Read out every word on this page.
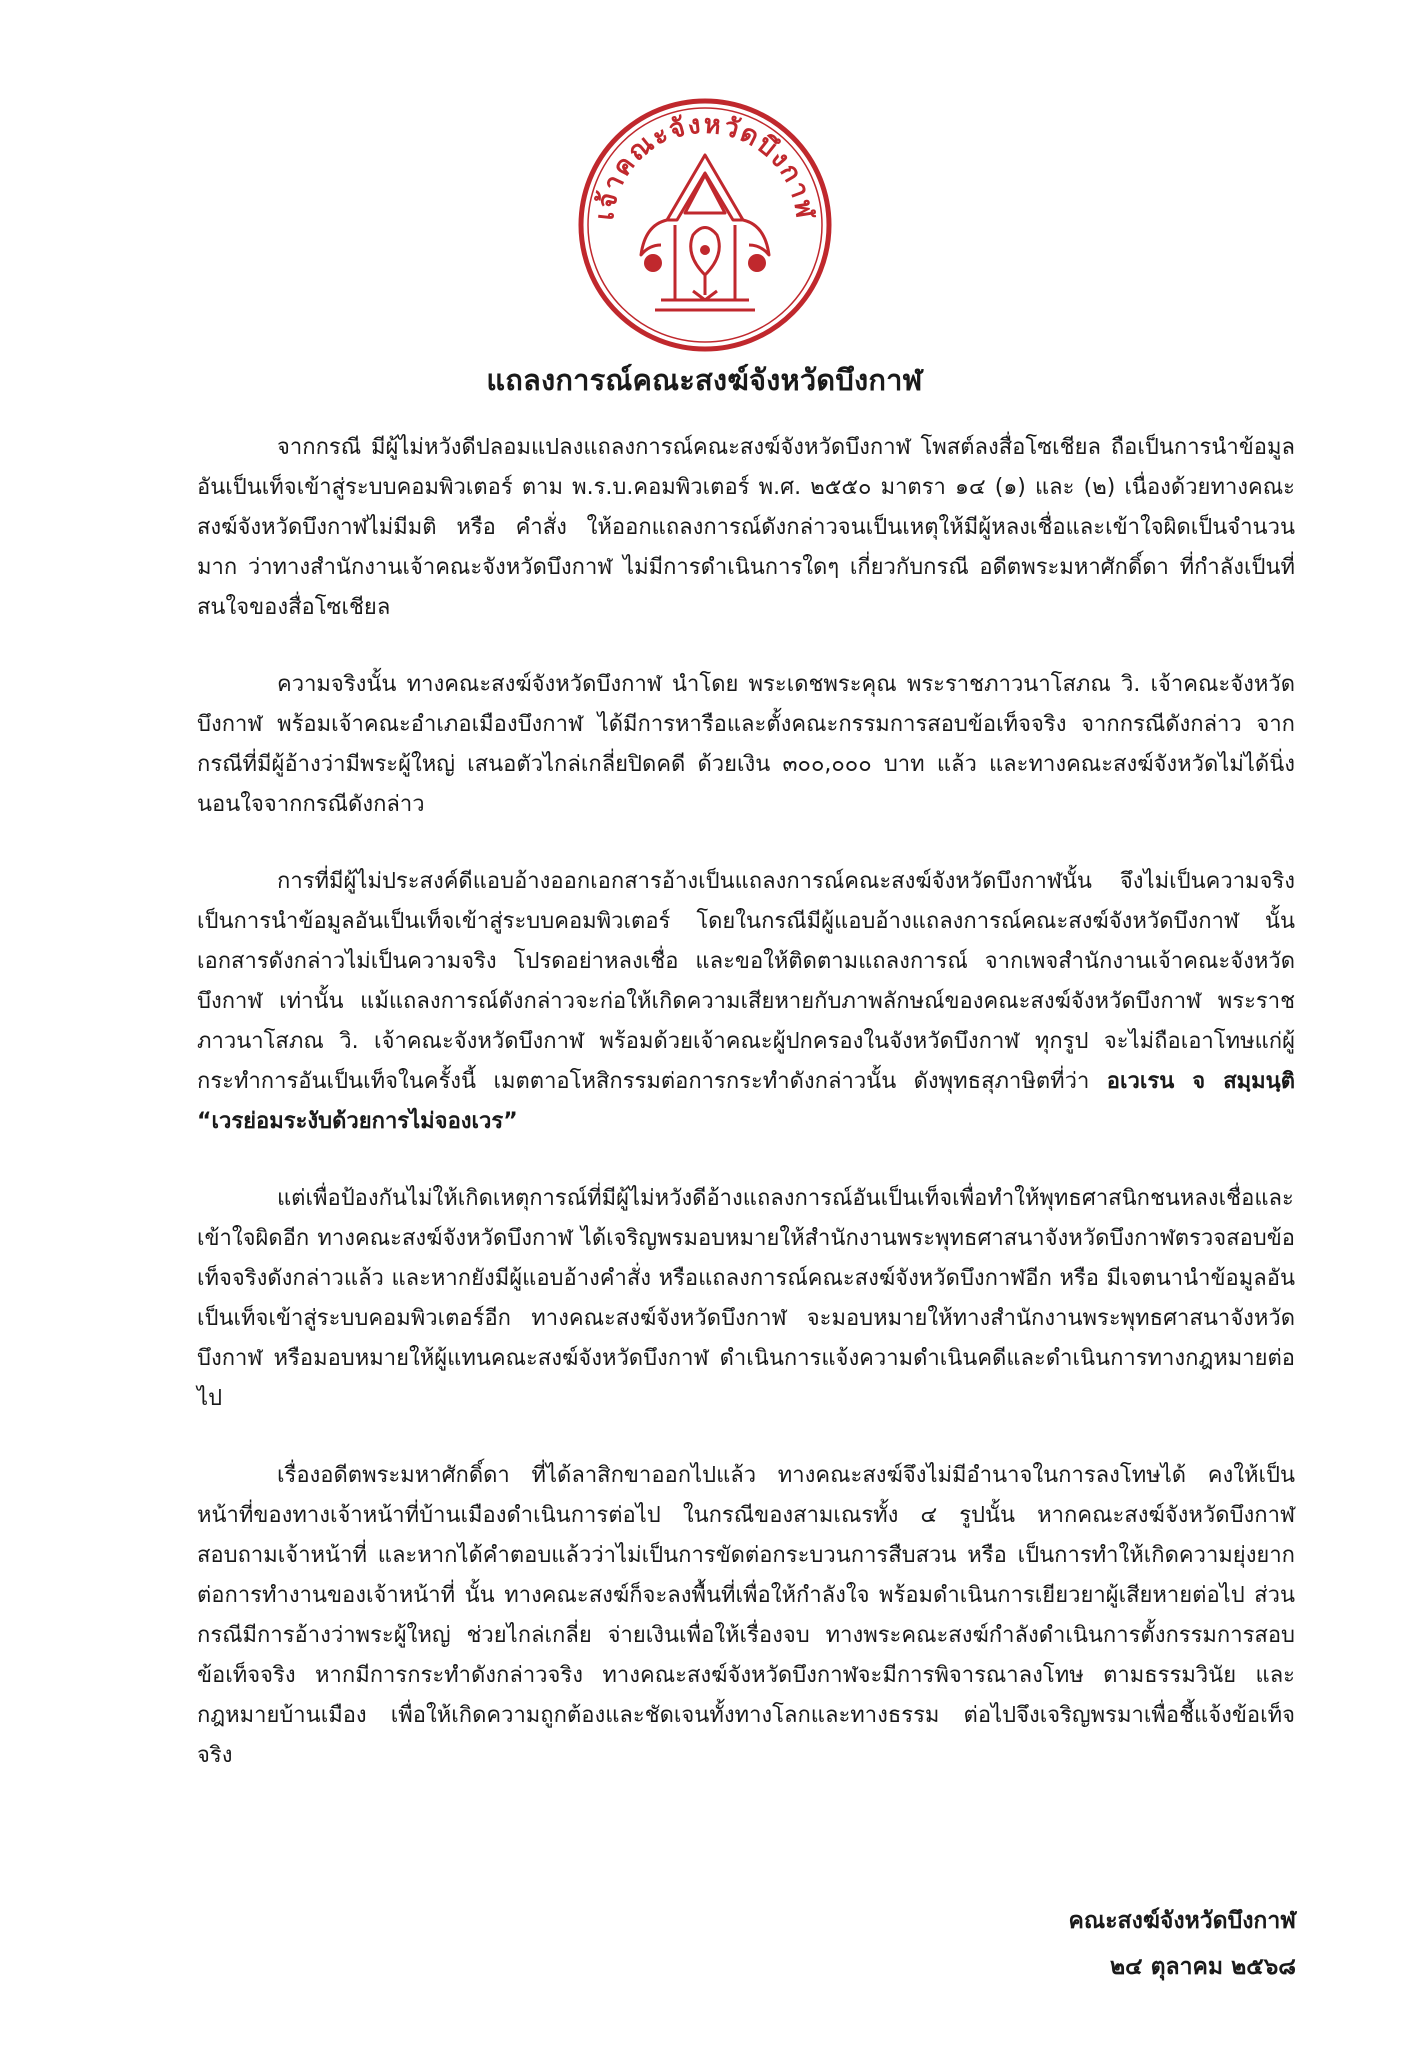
เจ้าคณะจังหวัดบึงกาฬ
แถลงการณ์คณะสงฆ์จังหวัดบึงกาฬ

จากกรณี มีผู้ไม่หวังดีปลอมแปลงแถลงการณ์คณะสงฆ์จังหวัดบึงกาฬ โพสต์ลงสื่อโซเชียล ถือเป็นการนำข้อมูลอันเป็นเท็จเข้าสู่ระบบคอมพิวเตอร์ ตาม พ.ร.บ.คอมพิวเตอร์ พ.ศ. ๒๕๕๐ มาตรา ๑๔ (๑) และ (๒) เนื่องด้วยทางคณะสงฆ์จังหวัดบึงกาฬไม่มีมติ หรือ คำสั่ง ให้ออกแถลงการณ์ดังกล่าวจนเป็นเหตุให้มีผู้หลงเชื่อและเข้าใจผิดเป็นจำนวนมาก ว่าทางสำนักงานเจ้าคณะจังหวัดบึงกาฬ ไม่มีการดำเนินการใดๆ เกี่ยวกับกรณี อดีตพระมหาศักดิ์ดา ที่กำลังเป็นที่สนใจของสื่อโซเชียล

ความจริงนั้น ทางคณะสงฆ์จังหวัดบึงกาฬ นำโดย พระเดชพระคุณ พระราชภาวนาโสภณ วิ. เจ้าคณะจังหวัดบึงกาฬ พร้อมเจ้าคณะอำเภอเมืองบึงกาฬ ได้มีการหารือและตั้งคณะกรรมการสอบข้อเท็จจริง จากกรณีดังกล่าว จากกรณีที่มีผู้อ้างว่ามีพระผู้ใหญ่ เสนอตัวไกล่เกลี่ยปิดคดี ด้วยเงิน ๓๐๐,๐๐๐ บาท แล้ว และทางคณะสงฆ์จังหวัดไม่ได้นิ่งนอนใจจากกรณีดังกล่าว

การที่มีผู้ไม่ประสงค์ดีแอบอ้างออกเอกสารอ้างเป็นแถลงการณ์คณะสงฆ์จังหวัดบึงกาฬนั้น จึงไม่เป็นความจริง เป็นการนำข้อมูลอันเป็นเท็จเข้าสู่ระบบคอมพิวเตอร์ โดยในกรณีมีผู้แอบอ้างแถลงการณ์คณะสงฆ์จังหวัดบึงกาฬ นั้น เอกสารดังกล่าวไม่เป็นความจริง โปรดอย่าหลงเชื่อ และขอให้ติดตามแถลงการณ์ จากเพจสำนักงานเจ้าคณะจังหวัดบึงกาฬ เท่านั้น แม้แถลงการณ์ดังกล่าวจะก่อให้เกิดความเสียหายกับภาพลักษณ์ของคณะสงฆ์จังหวัดบึงกาฬ พระราชภาวนาโสภณ วิ. เจ้าคณะจังหวัดบึงกาฬ พร้อมด้วยเจ้าคณะผู้ปกครองในจังหวัดบึงกาฬ ทุกรูป จะไม่ถือเอาโทษแก่ผู้กระทำการอันเป็นเท็จในครั้งนี้ เมตตาอโหสิกรรมต่อการกระทำดังกล่าวนั้น ดังพุทธสุภาษิตที่ว่า อเวเรน จ สมฺมนฺติ “เวรย่อมระงับด้วยการไม่จองเวร”

แต่เพื่อป้องกันไม่ให้เกิดเหตุการณ์ที่มีผู้ไม่หวังดีอ้างแถลงการณ์อันเป็นเท็จเพื่อทำให้พุทธศาสนิกชนหลงเชื่อและเข้าใจผิดอีก ทางคณะสงฆ์จังหวัดบึงกาฬ ได้เจริญพรมอบหมายให้สำนักงานพระพุทธศาสนาจังหวัดบึงกาฬตรวจสอบข้อเท็จจริงดังกล่าวแล้ว และหากยังมีผู้แอบอ้างคำสั่ง หรือแถลงการณ์คณะสงฆ์จังหวัดบึงกาฬอีก หรือ มีเจตนานำข้อมูลอันเป็นเท็จเข้าสู่ระบบคอมพิวเตอร์อีก ทางคณะสงฆ์จังหวัดบึงกาฬ จะมอบหมายให้ทางสำนักงานพระพุทธศาสนาจังหวัดบึงกาฬ หรือมอบหมายให้ผู้แทนคณะสงฆ์จังหวัดบึงกาฬ ดำเนินการแจ้งความดำเนินคดีและดำเนินการทางกฎหมายต่อไป

เรื่องอดีตพระมหาศักดิ์ดา ที่ได้ลาสิกขาออกไปแล้ว ทางคณะสงฆ์จึงไม่มีอำนาจในการลงโทษได้ คงให้เป็นหน้าที่ของทางเจ้าหน้าที่บ้านเมืองดำเนินการต่อไป ในกรณีของสามเณรทั้ง ๔ รูปนั้น หากคณะสงฆ์จังหวัดบึงกาฬ สอบถามเจ้าหน้าที่ และหากได้คำตอบแล้วว่าไม่เป็นการขัดต่อกระบวนการสืบสวน หรือ เป็นการทำให้เกิดความยุ่งยากต่อการทำงานของเจ้าหน้าที่ นั้น ทางคณะสงฆ์ก็จะลงพื้นที่เพื่อให้กำลังใจ พร้อมดำเนินการเยียวยาผู้เสียหายต่อไป ส่วนกรณีมีการอ้างว่าพระผู้ใหญ่ ช่วยไกล่เกลี่ย จ่ายเงินเพื่อให้เรื่องจบ ทางพระคณะสงฆ์กำลังดำเนินการตั้งกรรมการสอบข้อเท็จจริง หากมีการกระทำดังกล่าวจริง ทางคณะสงฆ์จังหวัดบึงกาฬจะมีการพิจารณาลงโทษ ตามธรรมวินัย และ กฎหมายบ้านเมือง เพื่อให้เกิดความถูกต้องและชัดเจนทั้งทางโลกและทางธรรม ต่อไปจึงเจริญพรมาเพื่อชี้แจ้งข้อเท็จจริง

คณะสงฆ์จังหวัดบึงกาฬ
๒๔ ตุลาคม ๒๕๖๘
